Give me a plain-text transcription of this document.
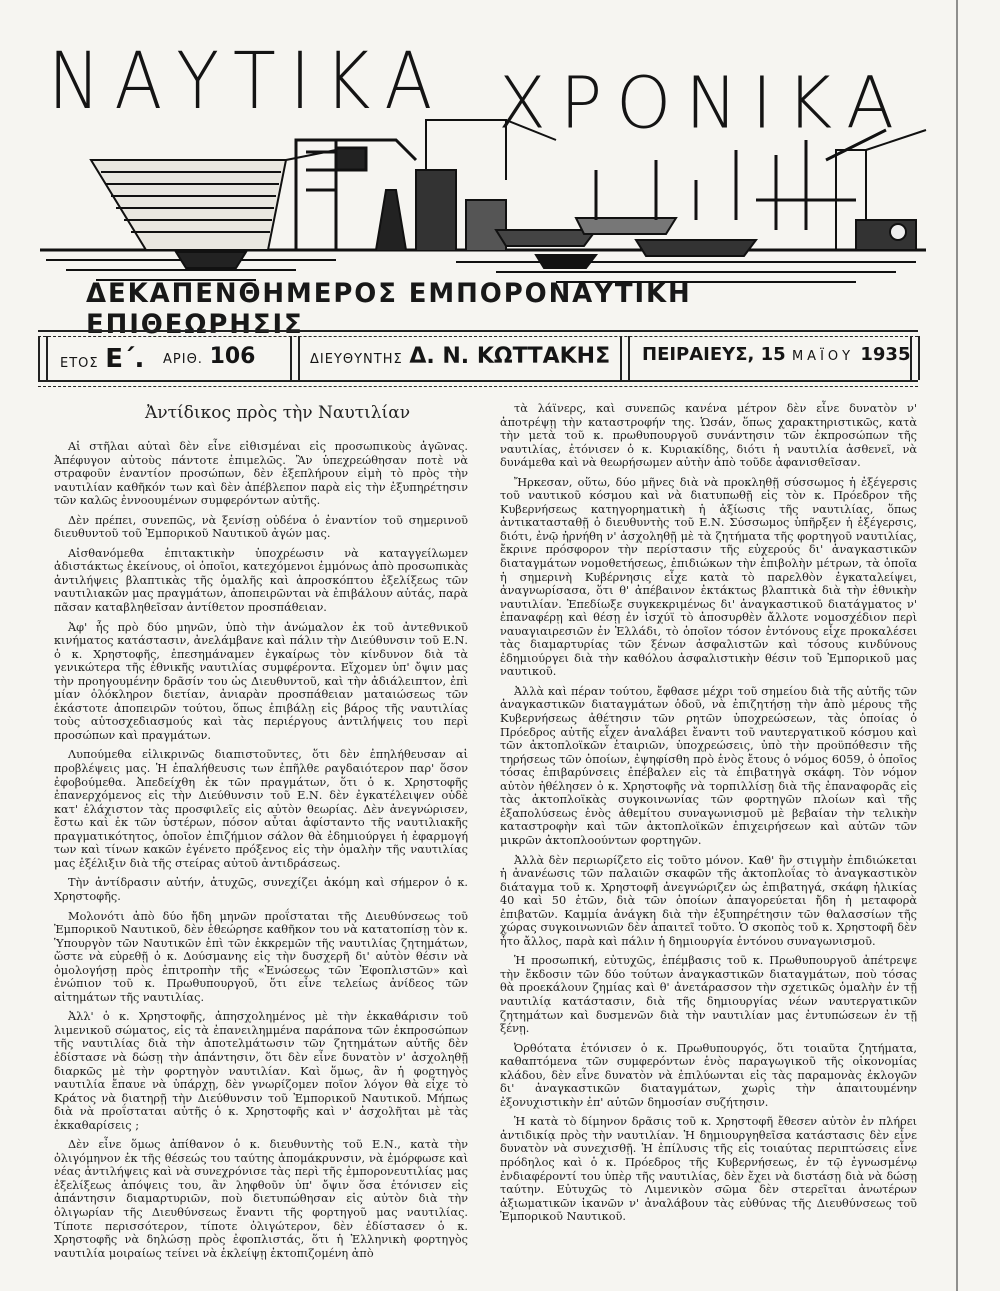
ΝΑΥΤΙΚΑ ΧΡΟΝΙΚΑ
ΔΕΚΑΠΕΝΘΗΜΕΡΟΣ ΕΜΠΟΡΟΝΑΥΤΙΚΗ ΕΠΙΘΕΩΡΗΣΙΣ
ΕΤΟΣ Ε΄. ΑΡΙΘ. 106	ΔΙΕΥΘΥΝΤΗΣ Δ. Ν. ΚΩΤΤΑΚΗΣ ΠΕΙΡΑΙΕΥΣ, 15 ΜΑΪΟΥ 1935
Ἀντίδικος πρὸς τὴν Ναυτιλίαν

Αἱ στῆλαι αὐταὶ δὲν εἶνε εἰθισμέναι εἰς προσωπικοὺς ἀγῶνας. Ἀπέφυγον αὐτοὺς πάντοτε ἐπιμελῶς. Ἂν ὑπεχρεώθησαν ποτὲ νὰ στραφοῦν ἐναντίον προσώπων, δὲν ἐξεπλήρουν εἰμὴ τὸ πρὸς τὴν ναυτιλίαν καθῆκόν των καὶ δὲν ἀπέβλεπον παρὰ εἰς τὴν ἐξυπηρέτησιν τῶν καλῶς ἐννοουμένων συμφερόντων αὐτῆς.

Δὲν πρέπει, συνεπῶς, νὰ ξενίσῃ οὐδένα ὁ ἐναντίον τοῦ σημερινοῦ διευθυντοῦ τοῦ Ἐμπορικοῦ Ναυτικοῦ ἀγών μας.

Αἰσθανόμεθα ἐπιτακτικὴν ὑποχρέωσιν νὰ καταγγείλωμεν ἀδιστάκτως ἐκείνους, οἱ ὁποῖοι, κατεχόμενοι ἐμμόνως ἀπὸ προσωπικὰς ἀντιλήψεις βλαπτικὰς τῆς ὁμαλῆς καὶ ἀπροσκόπτου ἐξελίξεως τῶν ναυτιλιακῶν μας πραγμάτων, ἀποπειρῶνται νὰ ἐπιβάλουν αὐτάς, παρὰ πᾶσαν καταβληθεῖσαν ἀντίθετον προσπάθειαν.

Ἀφ' ἧς πρὸ δύο μηνῶν, ὑπὸ τὴν ἀνώμαλον ἐκ τοῦ ἀντεθνικοῦ κινήματος κατάστασιν, ἀνελάμβανε καὶ πάλιν τὴν Διεύθυνσιν τοῦ Ε.Ν. ὁ κ. Χρηστοφῆς, ἐπεσημάναμεν ἐγκαίρως τὸν κίνδυνον διὰ τὰ γενικώτερα τῆς ἐθνικῆς ναυτιλίας συμφέροντα. Εἴχομεν ὑπ' ὄψιν μας τὴν προηγουμένην δρᾶσίν του ὡς Διευθυντοῦ, καὶ τὴν ἀδιάλειπτον, ἐπὶ μίαν ὁλόκληρον διετίαν, ἀνιαρὰν προσπάθειαν ματαιώσεως τῶν ἑκάστοτε ἀποπειρῶν τούτου, ὅπως ἐπιβάλῃ εἰς βάρος τῆς ναυτιλίας τοὺς αὐτοσχεδιασμούς καὶ τὰς περιέργους ἀντιλήψεις του περὶ προσώπων καὶ πραγμάτων.

Λυπούμεθα εἰλικρινῶς διαπιστοῦντες, ὅτι δὲν ἐπηλήθευσαν αἱ προβλέψεις μας. Ἡ ἐπαλήθευσις των ἐπῆλθε ραγδαιότερον παρ' ὅσον ἐφοβούμεθα. Ἀπεδείχθη ἐκ τῶν πραγμάτων, ὅτι ὁ κ. Χρηστοφῆς ἐπανερχόμενος εἰς τὴν Διεύθυνσιν τοῦ Ε.Ν. δὲν ἐγκατέλειψεν οὐδὲ κατ' ἐλάχιστον τὰς προσφιλεῖς εἰς αὐτὸν θεωρίας. Δὲν ἀνεγνώρισεν, ἔστω καὶ ἐκ τῶν ὑστέρων, πόσον αὗται ἀφίσταντο τῆς ναυτιλιακῆς πραγματικότητος, ὁποῖον ἐπιζήμιον σάλον θὰ ἐδημιούργει ἡ ἐφαρμογή των καὶ τίνων κακῶν ἐγένετο πρόξενος εἰς τὴν ὁμαλὴν τῆς ναυτιλίας μας ἐξέλιξιν διὰ τῆς στείρας αὐτοῦ ἀντιδράσεως.

Τὴν ἀντίδρασιν αὐτήν, ἀτυχῶς, συνεχίζει ἀκόμη καὶ σήμερον ὁ κ. Χρηστοφῆς.

Μολονότι ἀπὸ δύο ἤδη μηνῶν προΐσταται τῆς Διευθύνσεως τοῦ Ἐμπορικοῦ Ναυτικοῦ, δὲν ἐθεώρησε καθῆκον του νὰ κατατοπίσῃ τὸν κ. Ὑπουργὸν τῶν Ναυτικῶν ἐπὶ τῶν ἐκκρεμῶν τῆς ναυτιλίας ζητημάτων, ὥστε νὰ εὑρεθῇ ὁ κ. Δούσμανης εἰς τὴν δυσχερῆ δι' αὐτὸν θέσιν νὰ ὁμολογήσῃ πρὸς ἐπιτροπὴν τῆς «Ἑνώσεως τῶν Ἐφοπλιστῶν» καὶ ἐνώπιον τοῦ κ. Πρωθυπουργοῦ, ὅτι εἶνε τελείως ἀνίδεος τῶν αἰτημάτων τῆς ναυτιλίας.

Ἀλλ' ὁ κ. Χρηστοφῆς, ἀπησχολημένος μὲ τὴν ἐκκαθάρισιν τοῦ λιμενικοῦ σώματος, εἰς τὰ ἐπανειλημμένα παράπονα τῶν ἐκπροσώπων τῆς ναυτιλίας διὰ τὴν ἀποτελμάτωσιν τῶν ζητημάτων αὐτῆς δὲν ἐδίστασε νὰ δώσῃ τὴν ἀπάντησιν, ὅτι δὲν εἶνε δυνατὸν ν' ἀσχοληθῇ διαρκῶς μὲ τὴν φορτηγὸν ναυτιλίαν. Καὶ ὅμως, ἂν ἡ φορτηγὸς ναυτιλία ἔπαυε νὰ ὑπάρχῃ, δὲν γνωρίζομεν ποῖον λόγον θὰ εἶχε τὸ Κράτος νὰ διατηρῇ τὴν Διεύθυνσιν τοῦ Ἐμπορικοῦ Ναυτικοῦ. Μήπως διὰ νὰ προΐσταται αὐτῆς ὁ κ. Χρηστοφῆς καὶ ν' ἀσχολῆται μὲ τὰς ἐκκαθαρίσεις ;

Δὲν εἶνε ὅμως ἀπίθανον ὁ κ. διευθυντὴς τοῦ Ε.Ν., κατὰ τὴν ὀλιγόμηνον ἐκ τῆς θέσεώς του ταύτης ἀπομάκρυνσιν, νὰ ἐμόρφωσε καὶ νέας ἀντιλήψεις καὶ νὰ συνεχρόνισε τὰς περὶ τῆς ἐμπορονευτιλίας μας ἐξελίξεως ἀπόψεις του, ἂν ληφθοῦν ὑπ' ὄψιν ὅσα ἐτόνισεν εἰς ἀπάντησιν διαμαρτυριῶν, ποὺ διετυπώθησαν εἰς αὐτὸν διὰ τὴν ὀλιγωρίαν τῆς Διευθύνσεως ἔναντι τῆς φορτηγοῦ μας ναυτιλίας. Τίποτε περισσότερον, τίποτε ὀλιγώτερον, δὲν ἐδίστασεν ὁ κ. Χρηστοφῆς νὰ δηλώσῃ πρὸς ἐφοπλιστάς, ὅτι ἡ Ἑλληνικὴ φορτηγὸς ναυτιλία μοιραίως τείνει νὰ ἐκλείψῃ ἐκτοπιζομένη ἀπὸ

τὰ λάϊνερς, καὶ συνεπῶς κανένα μέτρον δὲν εἶνε δυνατὸν ν' ἀποτρέψῃ τὴν καταστροφήν της. Ὡσάν, ὅπως χαρακτηριστικῶς, κατὰ τὴν μετὰ τοῦ κ. πρωθυπουργοῦ συνάντησιν τῶν ἐκπροσώπων τῆς ναυτιλίας, ἐτόνισεν ὁ κ. Κυριακίδης, διότι ἡ ναυτιλία ἀσθενεῖ, νὰ δυνάμεθα καὶ νὰ θεωρήσωμεν αὐτὴν ἀπὸ τοῦδε ἀφανισθεῖσαν.

Ἤρκεσαν, οὕτω, δύο μῆνες διὰ νὰ προκληθῇ σύσσωμος ἡ ἐξέγερσις τοῦ ναυτικοῦ κόσμου καὶ νὰ διατυπωθῇ εἰς τὸν κ. Πρόεδρον τῆς Κυβερνήσεως κατηγορηματικὴ ἡ ἀξίωσις τῆς ναυτιλίας, ὅπως ἀντικατασταθῇ ὁ διευθυντὴς τοῦ Ε.Ν. Σύσσωμος ὑπῆρξεν ἡ ἐξέγερσις, διότι, ἐνῷ ἠρνήθη ν' ἀσχοληθῇ μὲ τὰ ζητήματα τῆς φορτηγοῦ ναυτιλίας, ἔκρινε πρόσφορον τὴν περίστασιν τῆς εὐχερούς δι' ἀναγκαστικῶν διαταγμάτων νομοθετήσεως, ἐπιδιώκων τὴν ἐπιβολὴν μέτρων, τὰ ὁποῖα ἡ σημερινὴ Κυβέρνησις εἶχε κατὰ τὸ παρελθὸν ἐγκαταλείψει, ἀναγνωρίσασα, ὅτι θ' ἀπέβαινον ἐκτάκτως βλαπτικὰ διὰ τὴν ἐθνικὴν ναυτιλίαν. Ἐπεδίωξε συγκεκριμένως δι' ἀναγκαστικοῦ διατάγματος ν' ἐπαναφέρῃ καὶ θέσῃ ἐν ἰσχύϊ τὸ ἀποσυρθὲν ἄλλοτε νομοσχέδιον περὶ ναυαγιαιρεσιῶν ἐν Ἑλλάδι, τὸ ὁποῖον τόσον ἐντόνους εἶχε προκαλέσει τὰς διαμαρτυρίας τῶν ξένων ἀσφαλιστῶν καὶ τόσους κινδύνους ἐδημιούργει διὰ τὴν καθόλου ἀσφαλιστικὴν θέσιν τοῦ Ἐμπορικοῦ μας ναυτικοῦ.

Ἀλλὰ καὶ πέραν τούτου, ἔφθασε μέχρι τοῦ σημείου διὰ τῆς αὐτῆς τῶν ἀναγκαστικῶν διαταγμάτων ὁδοῦ, νὰ ἐπιζητήσῃ τὴν ἀπὸ μέρους τῆς Κυβερνήσεως ἀθέτησιν τῶν ρητῶν ὑποχρεώσεων, τὰς ὁποίας ὁ Πρόεδρος αὐτῆς εἶχεν ἀναλάβει ἔναντι τοῦ ναυτεργατικοῦ κόσμου καὶ τῶν ἀκτοπλοϊκῶν ἑταιριῶν, ὑποχρεώσεις, ὑπὸ τὴν προϋπόθεσιν τῆς τηρήσεως τῶν ὁποίων, ἐψηφίσθη πρὸ ἑνὸς ἔτους ὁ νόμος 6059, ὁ ὁποῖος τόσας ἐπιβαρύνσεις ἐπέβαλεν εἰς τὰ ἐπιβατηγὰ σκάφη. Τὸν νόμον αὐτὸν ἠθέλησεν ὁ κ. Χρηστοφῆς νὰ τορπιλλίσῃ διὰ τῆς ἐπαναφορᾶς εἰς τὰς ἀκτοπλοϊκὰς συγκοινωνίας τῶν φορτηγῶν πλοίων καὶ τῆς ἐξαπολύσεως ἑνὸς ἀθεμίτου συναγωνισμοῦ μὲ βεβαίαν τὴν τελικὴν καταστροφὴν καὶ τῶν ἀκτοπλοϊκῶν ἐπιχειρήσεων καὶ αὐτῶν τῶν μικρῶν ἀκτοπλοούντων φορτηγῶν.

Ἀλλὰ δὲν περιωρίζετο εἰς τοῦτο μόνον. Καθ' ἣν στιγμὴν ἐπιδιώκεται ἡ ἀνανέωσις τῶν παλαιῶν σκαφῶν τῆς ἀκτοπλοΐας τὸ ἀναγκαστικὸν διάταγμα τοῦ κ. Χρηστοφῆ ἀνεγνώριζεν ὡς ἐπιβατηγά, σκάφη ἡλικίας 40 καὶ 50 ἐτῶν, διὰ τῶν ὁποίων ἀπαγορεύεται ἤδη ἡ μεταφορὰ ἐπιβατῶν. Καμμία ἀνάγκη διὰ τὴν ἐξυπηρέτησιν τῶν θαλασσίων τῆς χώρας συγκοινωνιῶν δὲν ἀπαιτεῖ τοῦτο. Ὁ σκοπὸς τοῦ κ. Χρηστοφῆ δὲν ἦτο ἄλλος, παρὰ καὶ πάλιν ἡ δημιουργία ἐντόνου συναγωνισμοῦ.

Ἡ προσωπική, εὐτυχῶς, ἐπέμβασις τοῦ κ. Πρωθυπουργοῦ ἀπέτρεψε τὴν ἔκδοσιν τῶν δύο τούτων ἀναγκαστικῶν διαταγμάτων, ποὺ τόσας θὰ προεκάλουν ζημίας καὶ θ' ἀνετάρασσον τὴν σχετικῶς ὁμαλὴν ἐν τῇ ναυτιλίᾳ κατάστασιν, διὰ τῆς δημιουργίας νέων ναυτεργατικῶν ζητημάτων καὶ δυσμενῶν διὰ τὴν ναυτιλίαν μας ἐντυπώσεων ἐν τῇ ξένῃ.

Ὀρθότατα ἐτόνισεν ὁ κ. Πρωθυπουργός, ὅτι τοιαῦτα ζητήματα, καθαπτόμενα τῶν συμφερόντων ἑνὸς παραγωγικοῦ τῆς οἰκονομίας κλάδου, δὲν εἶνε δυνατὸν νὰ ἐπιλύωνται εἰς τὰς παραμονὰς ἐκλογῶν δι' ἀναγκαστικῶν διαταγμάτων, χωρὶς τὴν ἀπαιτουμένην ἐξονυχιστικὴν ἐπ' αὐτῶν δημοσίαν συζήτησιν.

Ἡ κατὰ τὸ δίμηνον δρᾶσις τοῦ κ. Χρηστοφῆ ἔθεσεν αὐτὸν ἐν πλήρει ἀντιδικίᾳ πρὸς τὴν ναυτιλίαν. Ἡ δημιουργηθεῖσα κατάστασις δὲν εἶνε δυνατὸν νὰ συνεχισθῇ. Ἡ ἐπίλυσις τῆς εἰς τοιαύτας περιπτώσεις εἶνε πρόδηλος καὶ ὁ κ. Πρόεδρος τῆς Κυβερνήσεως, ἐν τῷ ἐγνωσμένῳ ἐνδιαφέροντί του ὑπὲρ τῆς ναυτιλίας, δὲν ἔχει νὰ διστάσῃ διὰ νὰ δώσῃ ταύτην. Εὐτυχῶς τὸ Λιμενικὸν σῶμα δὲν στερεῖται ἀνωτέρων ἀξιωματικῶν ἱκανῶν ν' ἀναλάβουν τὰς εὐθύνας τῆς Διευθύνσεως τοῦ Ἐμπορικοῦ Ναυτικοῦ.
